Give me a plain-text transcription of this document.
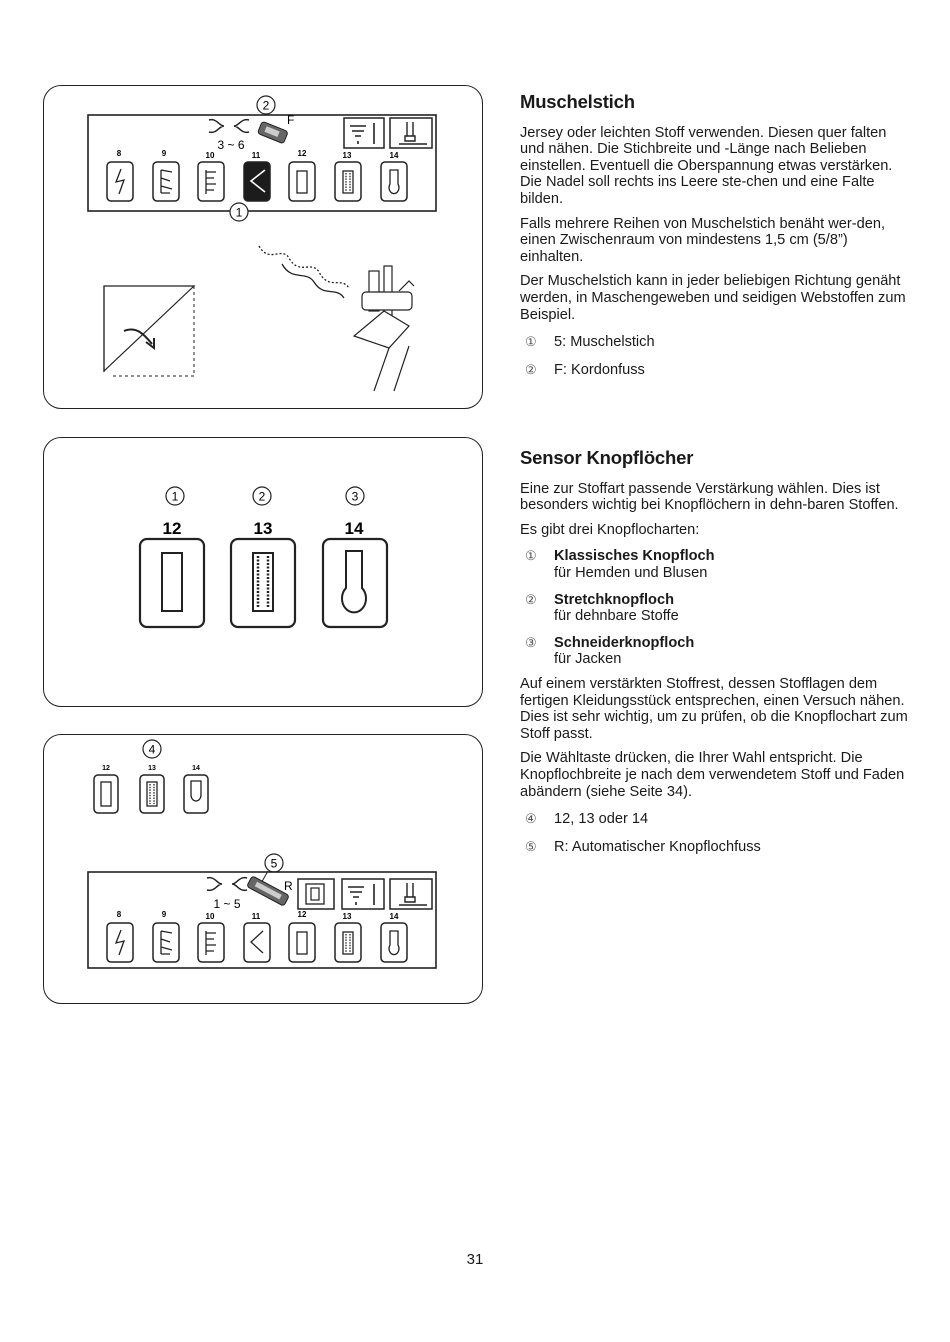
2
3 ~ 6
F
8	9	10	11	12	13	14
1
Muschelstich

Jersey oder leichten Stoff verwenden. Diesen quer falten und nähen. Die Stichbreite und -Länge nach Belieben einstellen. Eventuell die Oberspannung etwas verstärken. Die Nadel soll rechts ins Leere ste-chen und eine Falte bilden.

Falls mehrere Reihen von Muschelstich benäht wer-den, einen Zwischenraum von mindestens 1,5 cm (5/8”) einhalten.

Der Muschelstich kann in jeder beliebigen Richtung genäht werden, in Maschengeweben und seidigen Webstoffen zum Beispiel.

①	5: Muschelstich
②	F: Kordonfuss
1	2	3
12	13	14
4
12	13	14
5
1 ~ 5
R
8	9	10	11	12	13	14
Sensor Knopflöcher

Eine zur Stoffart passende Verstärkung wählen. Dies ist besonders wichtig bei Knopflöchern in dehn-baren Stoffen.

Es gibt drei Knopflocharten:

①	Klassisches Knopfloch
für Hemden und Blusen
②	Stretchknopfloch
für dehnbare Stoffe
③	Schneiderknopfloch
für Jacken

Auf einem verstärkten Stoffrest, dessen Stofflagen dem fertigen Kleidungsstück entsprechen, einen Versuch nähen. Dies ist sehr wichtig, um zu prüfen, ob die Knopflochart zum Stoff passt.

Die Wähltaste drücken, die Ihrer Wahl entspricht. Die Knopflochbreite je nach dem verwendetem Stoff und Faden abändern (siehe Seite 34).

④	12, 13 oder 14
⑤	R: Automatischer Knopflochfuss
31
